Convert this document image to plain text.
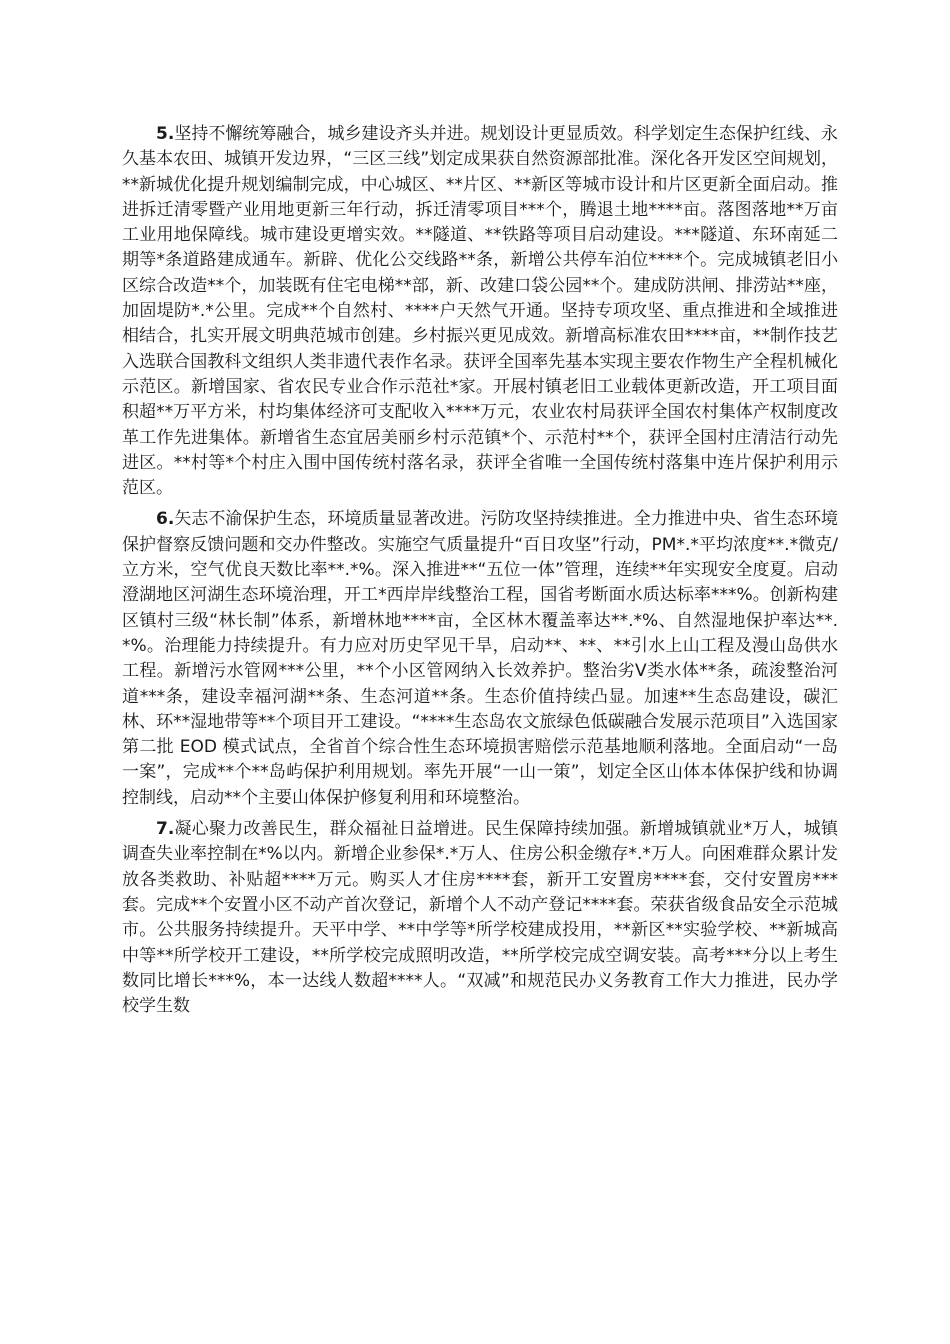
5.坚持不懈统筹融合，城乡建设齐头并进。规划设计更显质效。科学划定生态保护红线、永久基本农田、城镇开发边界，“三区三线”划定成果获自然资源部批准。深化各开发区空间规划，**新城优化提升规划编制完成，中心城区、**片区、**新区等城市设计和片区更新全面启动。推进拆迁清零暨产业用地更新三年行动，拆迁清零项目***个，腾退土地****亩。落图落地**万亩工业用地保障线。城市建设更增实效。**隧道、**铁路等项目启动建设。***隧道、东环南延二期等*条道路建成通车。新辟、优化公交线路**条，新增公共停车泊位****个。完成城镇老旧小区综合改造**个，加装既有住宅电梯**部，新、改建口袋公园**个。建成防洪闸、排涝站**座，加固堤防*.*公里。完成**个自然村、****户天然气开通。坚持专项攻坚、重点推进和全域推进相结合，扎实开展文明典范城市创建。乡村振兴更见成效。新增高标准农田****亩，**制作技艺入选联合国教科文组织人类非遗代表作名录。获评全国率先基本实现主要农作物生产全程机械化示范区。新增国家、省农民专业合作示范社*家。开展村镇老旧工业载体更新改造，开工项目面积超**万平方米，村均集体经济可支配收入****万元，农业农村局获评全国农村集体产权制度改革工作先进集体。新增省生态宜居美丽乡村示范镇*个、示范村**个，获评全国村庄清洁行动先进区。**村等*个村庄入围中国传统村落名录，获评全省唯一全国传统村落集中连片保护利用示范区。

6.矢志不渝保护生态，环境质量显著改进。污防攻坚持续推进。全力推进中央、省生态环境保护督察反馈问题和交办件整改。实施空气质量提升“百日攻坚”行动，PM*.*平均浓度**.*微克/立方米，空气优良天数比率**.*%。深入推进**“五位一体”管理，连续**年实现安全度夏。启动澄湖地区河湖生态环境治理，开工*西岸岸线整治工程，国省考断面水质达标率***%。创新构建区镇村三级“林长制”体系，新增林地****亩，全区林木覆盖率达**.*%、自然湿地保护率达**.*%。治理能力持续提升。有力应对历史罕见干旱，启动**、**、**引水上山工程及漫山岛供水工程。新增污水管网***公里，**个小区管网纳入长效养护。整治劣V类水体**条，疏浚整治河道***条，建设幸福河湖**条、生态河道**条。生态价值持续凸显。加速**生态岛建设，碳汇林、环**湿地带等**个项目开工建设。“****生态岛农文旅绿色低碳融合发展示范项目”入选国家第二批 EOD 模式试点，全省首个综合性生态环境损害赔偿示范基地顺利落地。全面启动“一岛一案”，完成**个**岛屿保护利用规划。率先开展“一山一策”，划定全区山体本体保护线和协调控制线，启动**个主要山体保护修复利用和环境整治。

7.凝心聚力改善民生，群众福祉日益增进。民生保障持续加强。新增城镇就业*万人，城镇调查失业率控制在*%以内。新增企业参保*.*万人、住房公积金缴存*.*万人。向困难群众累计发放各类救助、补贴超****万元。购买人才住房****套，新开工安置房****套，交付安置房***套。完成**个安置小区不动产首次登记，新增个人不动产登记****套。荣获省级食品安全示范城市。公共服务持续提升。天平中学、**中学等*所学校建成投用，**新区**实验学校、**新城高中等**所学校开工建设，**所学校完成照明改造，**所学校完成空调安装。高考***分以上考生数同比增长***%，本一达线人数超****人。“双减”和规范民办义务教育工作大力推进，民办学校学生数
